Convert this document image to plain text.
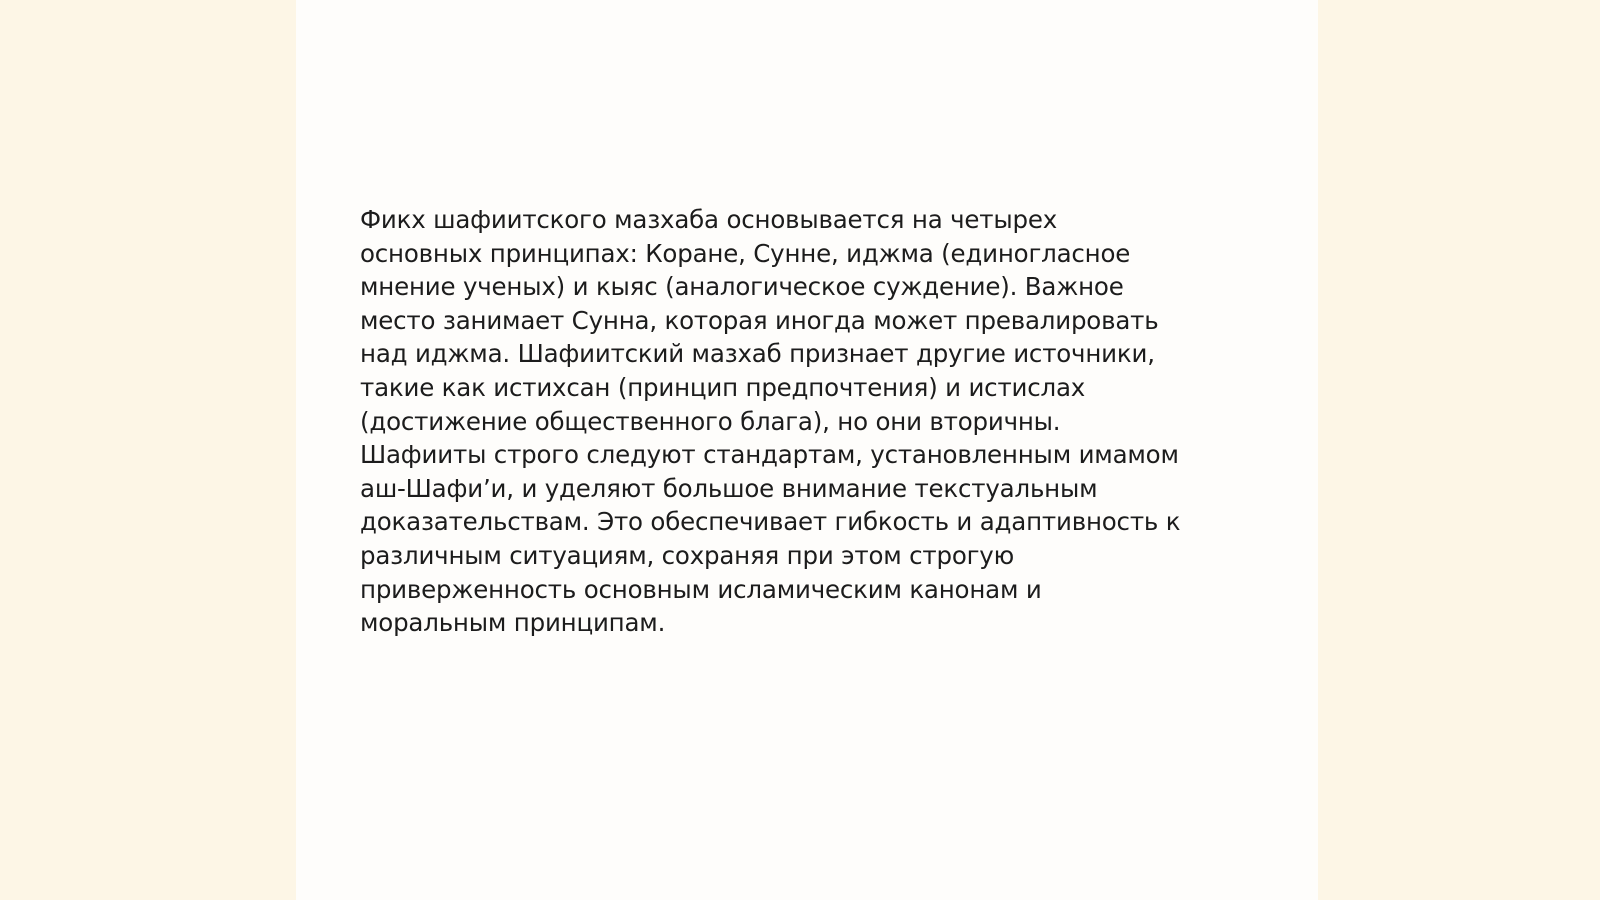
Фикх шафиитского мазхаба основывается на четырех
основных принципах: Коране, Сунне, иджма (единогласное
мнение ученых) и кыяс (аналогическое суждение). Важное
место занимает Сунна, которая иногда может превалировать
над иджма. Шафиитский мазхаб признает другие источники,
такие как истихсан (принцип предпочтения) и истислах
(достижение общественного блага), но они вторичны.
Шафииты строго следуют стандартам, установленным имамом
аш-Шафи’и, и уделяют большое внимание текстуальным
доказательствам. Это обеспечивает гибкость и адаптивность к
различным ситуациям, сохраняя при этом строгую
приверженность основным исламическим канонам и
моральным принципам.
